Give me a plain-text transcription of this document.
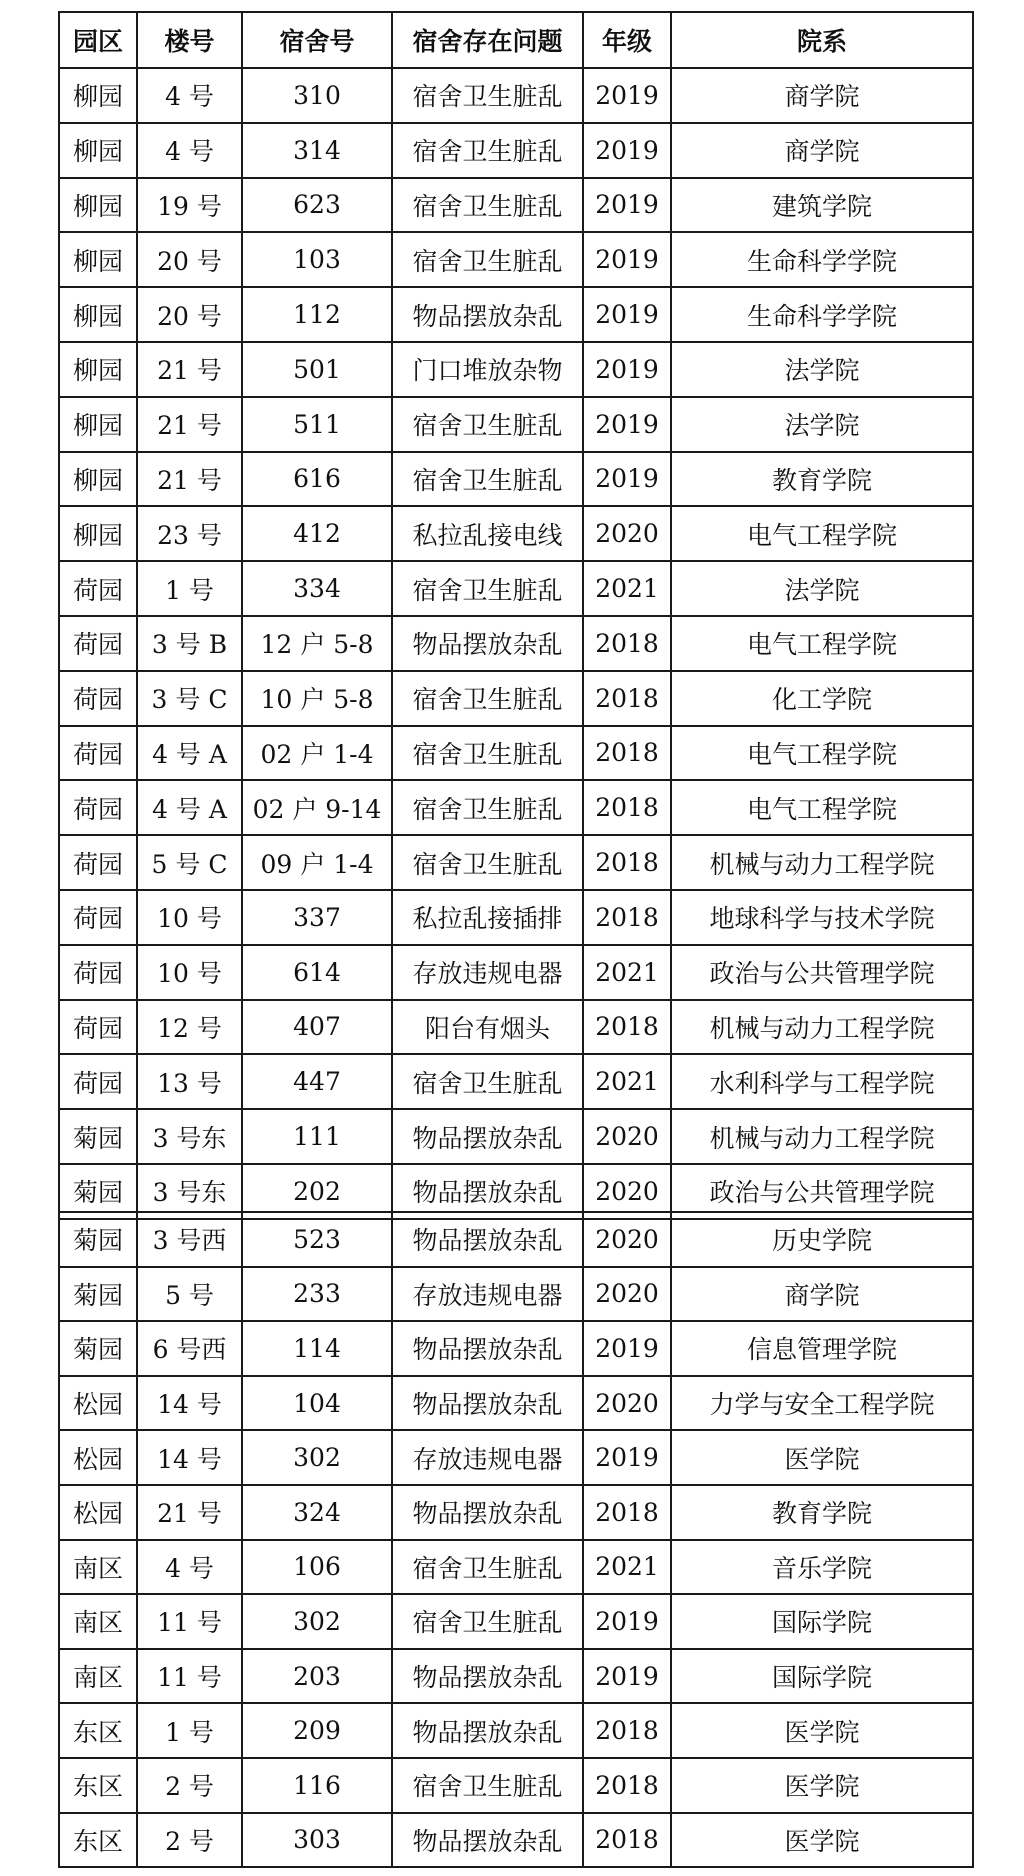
园区	楼号	宿舍号	宿舍存在问题	年级	院系
柳园	4 号	310	宿舍卫生脏乱	2019	商学院
柳园	4 号	314	宿舍卫生脏乱	2019	商学院
柳园	19 号	623	宿舍卫生脏乱	2019	建筑学院
柳园	20 号	103	宿舍卫生脏乱	2019	生命科学学院
柳园	20 号	112	物品摆放杂乱	2019	生命科学学院
柳园	21 号	501	门口堆放杂物	2019	法学院
柳园	21 号	511	宿舍卫生脏乱	2019	法学院
柳园	21 号	616	宿舍卫生脏乱	2019	教育学院
柳园	23 号	412	私拉乱接电线	2020	电气工程学院
荷园	1 号	334	宿舍卫生脏乱	2021	法学院
荷园	3 号 B	12 户 5-8	物品摆放杂乱	2018	电气工程学院
荷园	3 号 C	10 户 5-8	宿舍卫生脏乱	2018	化工学院
荷园	4 号 A	02 户 1-4	宿舍卫生脏乱	2018	电气工程学院
荷园	4 号 A	02 户 9-14	宿舍卫生脏乱	2018	电气工程学院
荷园	5 号 C	09 户 1-4	宿舍卫生脏乱	2018	机械与动力工程学院
荷园	10 号	337	私拉乱接插排	2018	地球科学与技术学院
荷园	10 号	614	存放违规电器	2021	政治与公共管理学院
荷园	12 号	407	阳台有烟头	2018	机械与动力工程学院
荷园	13 号	447	宿舍卫生脏乱	2021	水利科学与工程学院
菊园	3 号东	111	物品摆放杂乱	2020	机械与动力工程学院
菊园	3 号东	202	物品摆放杂乱	2020	政治与公共管理学院
菊园	3 号西	523	物品摆放杂乱	2020	历史学院
菊园	5 号	233	存放违规电器	2020	商学院
菊园	6 号西	114	物品摆放杂乱	2019	信息管理学院
松园	14 号	104	物品摆放杂乱	2020	力学与安全工程学院
松园	14 号	302	存放违规电器	2019	医学院
松园	21 号	324	物品摆放杂乱	2018	教育学院
南区	4 号	106	宿舍卫生脏乱	2021	音乐学院
南区	11 号	302	宿舍卫生脏乱	2019	国际学院
南区	11 号	203	物品摆放杂乱	2019	国际学院
东区	1 号	209	物品摆放杂乱	2018	医学院
东区	2 号	116	宿舍卫生脏乱	2018	医学院
东区	2 号	303	物品摆放杂乱	2018	医学院
